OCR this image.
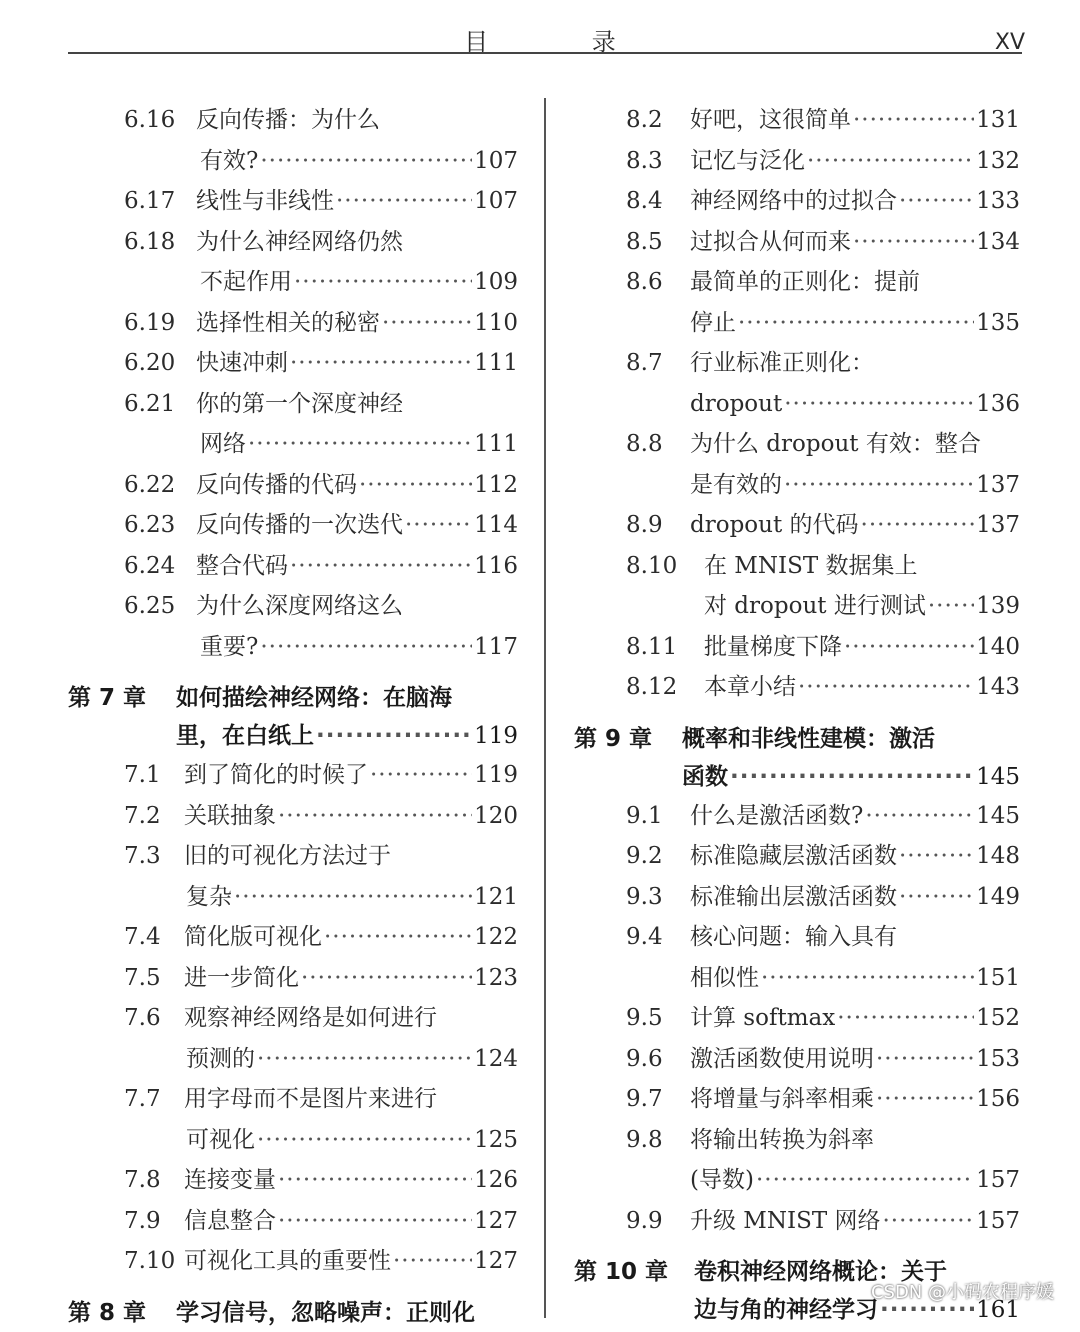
目 录	XV
6.16 反向传播：为什么
有效? ·····	107
6.17 线性与非线性 ·····	107
6.18 为什么神经网络仍然
不起作用 ·····	109
6.19 选择性相关的秘密 ·····	110
6.20 快速冲刺 ·····	111
6.21 你的第一个深度神经
网络 ·····	111
6.22 反向传播的代码 ·····	112
6.23 反向传播的一次迭代 ·····	114
6.24 整合代码 ·····	116
6.25 为什么深度网络这么
重要? ·····	117
第 7 章	如何描绘神经网络：在脑海
里，在白纸上 ·····	119
7.1	到了简化的时候了 ·····	119
7.2	关联抽象 ·····	120
7.3	旧的可视化方法过于
复杂 ·····	121
7.4	简化版可视化 ·····	122
7.5	进一步简化 ·····	123
7.6	观察神经网络是如何进行
预测的 ·····	124
7.7	用字母而不是图片来进行
可视化 ·····	125
7.8	连接变量 ·····	126
7.9	信息整合 ·····	127
7.10 可视化工具的重要性 ·····	127
第 8 章	学习信号，忽略噪声：正则化
8.2	好吧，这很简单 ·····	131
8.3	记忆与泛化 ·····	132
8.4	神经网络中的过拟合 ·····	133
8.5	过拟合从何而来 ·····	134
8.6	最简单的正则化：提前
停止 ·····	135
8.7	行业标准正则化：
dropout ·····	136
8.8	为什么 dropout 有效：整合
是有效的 ·····	137
8.9	dropout 的代码 ·····	137
8.10	在 MNIST 数据集上
对 dropout 进行测试 ····· 139
8.11	批量梯度下降 ·····	140
8.12	本章小结 ·····	143
第 9 章	概率和非线性建模：激活
函数 ·····	145
9.1	什么是激活函数? ·····	145
9.2	标准隐藏层激活函数 ·····	148
9.3	标准输出层激活函数 ·····	149
9.4	核心问题：输入具有
相似性 ·····	151
9.5	计算 softmax ·····	152
9.6	激活函数使用说明 ·····	153
9.7	将增量与斜率相乘 ·····	156
9.8	将输出转换为斜率
(导数) ·····	157
9.9	升级 MNIST 网络 ·····	157
第 10 章	卷积神经网络概论：关于
边与角的神经学习 ·····	161
CSDN @小码农程序媛
